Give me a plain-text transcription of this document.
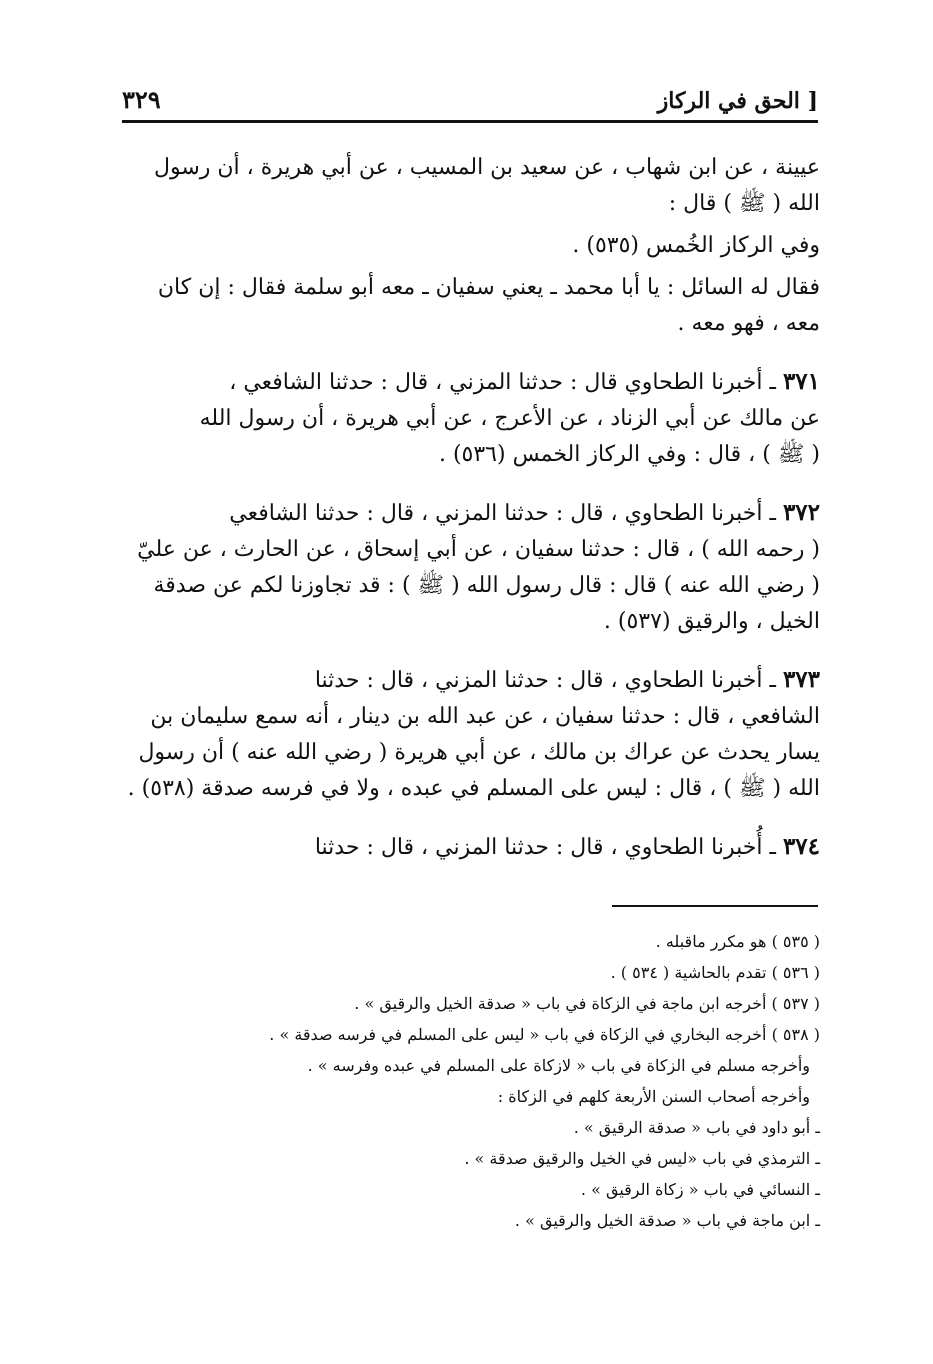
٣٢٩	الحق في الركاز ]
عيينة ، عن ابن شهاب ، عن سعيد بن المسيب ، عن أبي هريرة ، أن رسول
الله ( ﷺ ) قال :
وفي الركاز الخُمس (٥٣٥) .
فقال له السائل : يا أبا محمد ـ يعني سفيان ـ معه أبو سلمة فقال : إن كان
معه ، فهو معه .
٣٧١ ـ أخبرنا الطحاوي قال : حدثنا المزني ، قال : حدثنا الشافعي ،
عن مالك عن أبي الزناد ، عن الأعرج ، عن أبي هريرة ، أن رسول الله
( ﷺ ) ، قال : وفي الركاز الخمس (٥٣٦) .
٣٧٢ ـ أخبرنا الطحاوي ، قال : حدثنا المزني ، قال : حدثنا الشافعي
( رحمه الله ) ، قال : حدثنا سفيان ، عن أبي إسحاق ، عن الحارث ، عن عليّ
( رضي الله عنه ) قال : قال رسول الله ( ﷺ ) : قد تجاوزنا لكم عن صدقة
الخيل ، والرقيق (٥٣٧) .
٣٧٣ ـ أخبرنا الطحاوي ، قال : حدثنا المزني ، قال : حدثنا
الشافعي ، قال : حدثنا سفيان ، عن عبد الله بن دينار ، أنه سمع سليمان بن
يسار يحدث عن عراك بن مالك ، عن أبي هريرة ( رضي الله عنه ) أن رسول
الله ( ﷺ ) ، قال : ليس على المسلم في عبده ، ولا في فرسه صدقة (٥٣٨) .
٣٧٤ ـ أُخبرنا الطحاوي ، قال : حدثنا المزني ، قال : حدثنا
( ٥٣٥ ) هو مكرر ماقبله .
( ٥٣٦ ) تقدم بالحاشية ( ٥٣٤ ) .
( ٥٣٧ ) أخرجه ابن ماجة في الزكاة في باب « صدقة الخيل والرقيق » .
( ٥٣٨ ) أخرجه البخاري في الزكاة في باب « ليس على المسلم في فرسه صدقة » .
وأخرجه مسلم في الزكاة في باب « لازكاة على المسلم في عبده وفرسه » .
وأخرجه أصحاب السنن الأربعة كلهم في الزكاة :
ـ أبو داود في باب « صدقة الرقيق » .
ـ الترمذي في باب «ليس في الخيل والرقيق صدقة » .
ـ النسائي في باب « زكاة الرقيق » .
ـ ابن ماجة في باب « صدقة الخيل والرقيق » .
